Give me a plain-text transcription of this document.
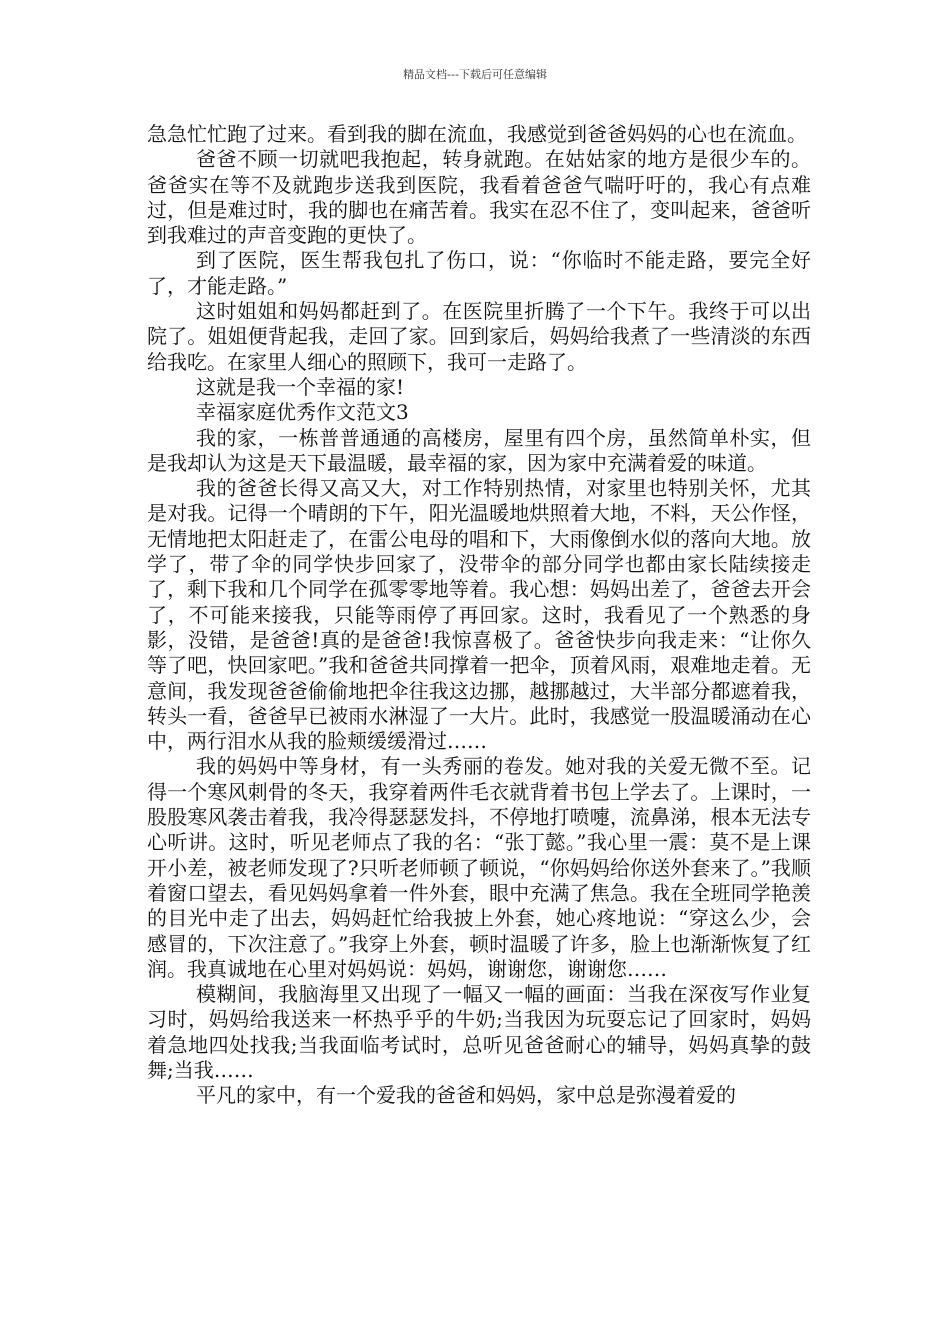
精品文档---下载后可任意编辑

急急忙忙跑了过来。看到我的脚在流血，我感觉到爸爸妈妈的心也在流血。

爸爸不顾一切就吧我抱起，转身就跑。在姑姑家的地方是很少车的。爸爸实在等不及就跑步送我到医院，我看着爸爸气喘吁吁的，我心有点难过，但是难过时，我的脚也在痛苦着。我实在忍不住了，变叫起来，爸爸听到我难过的声音变跑的更快了。

到了医院，医生帮我包扎了伤口，说：“你临时不能走路，要完全好了，才能走路。”

这时姐姐和妈妈都赶到了。在医院里折腾了一个下午。我终于可以出院了。姐姐便背起我，走回了家。回到家后，妈妈给我煮了一些清淡的东西给我吃。在家里人细心的照顾下，我可一走路了。

这就是我一个幸福的家!

幸福家庭优秀作文范文3

我的家，一栋普普通通的高楼房，屋里有四个房，虽然简单朴实，但是我却认为这是天下最温暖，最幸福的家，因为家中充满着爱的味道。

我的爸爸长得又高又大，对工作特别热情，对家里也特别关怀，尤其是对我。记得一个晴朗的下午，阳光温暖地烘照着大地，不料，天公作怪，无情地把太阳赶走了，在雷公电母的唱和下，大雨像倒水似的落向大地。放学了，带了伞的同学快步回家了，没带伞的部分同学也都由家长陆续接走了，剩下我和几个同学在孤零零地等着。我心想：妈妈出差了，爸爸去开会了，不可能来接我，只能等雨停了再回家。这时，我看见了一个熟悉的身影，没错，是爸爸!真的是爸爸!我惊喜极了。爸爸快步向我走来：“让你久等了吧，快回家吧。”我和爸爸共同撑着一把伞，顶着风雨，艰难地走着。无意间，我发现爸爸偷偷地把伞往我这边挪，越挪越过，大半部分都遮着我，转头一看，爸爸早已被雨水淋湿了一大片。此时，我感觉一股温暖涌动在心中，两行泪水从我的脸颊缓缓滑过……

我的妈妈中等身材，有一头秀丽的卷发。她对我的关爱无微不至。记得一个寒风刺骨的冬天，我穿着两件毛衣就背着书包上学去了。上课时，一股股寒风袭击着我，我冷得瑟瑟发抖，不停地打喷嚏，流鼻涕，根本无法专心听讲。这时，听见老师点了我的名：“张丁懿。”我心里一震：莫不是上课开小差，被老师发现了?只听老师顿了顿说，“你妈妈给你送外套来了。”我顺着窗口望去，看见妈妈拿着一件外套，眼中充满了焦急。我在全班同学艳羡的目光中走了出去，妈妈赶忙给我披上外套，她心疼地说：“穿这么少，会感冒的，下次注意了。”我穿上外套，顿时温暖了许多，脸上也渐渐恢复了红润。我真诚地在心里对妈妈说：妈妈，谢谢您，谢谢您……

模糊间，我脑海里又出现了一幅又一幅的画面：当我在深夜写作业复习时，妈妈给我送来一杯热乎乎的牛奶;当我因为玩耍忘记了回家时，妈妈着急地四处找我;当我面临考试时，总听见爸爸耐心的辅导，妈妈真挚的鼓舞;当我……

平凡的家中，有一个爱我的爸爸和妈妈，家中总是弥漫着爱的
